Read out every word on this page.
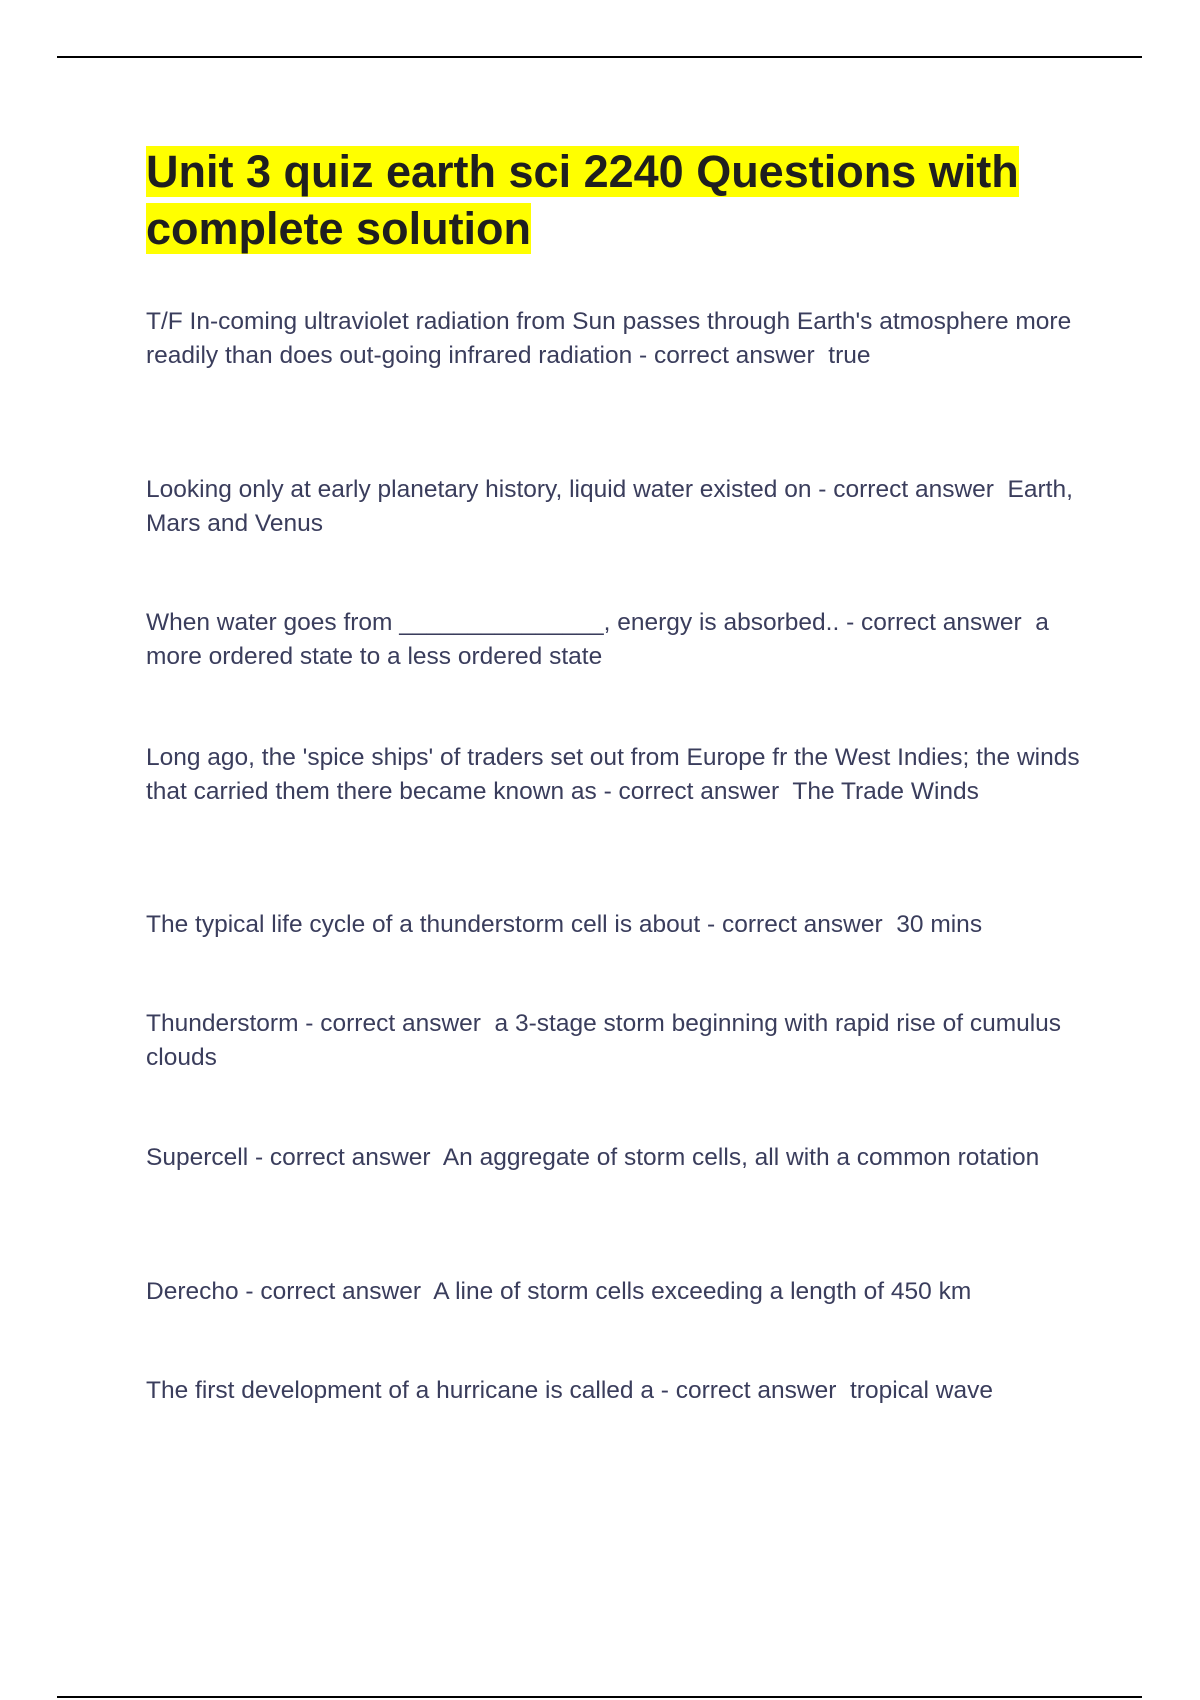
Unit 3 quiz earth sci 2240 Questions with complete solution

T/F In-coming ultraviolet radiation from Sun passes through Earth's atmosphere more readily than does out-going infrared radiation - correct answer  true

Looking only at early planetary history, liquid water existed on - correct answer  Earth, Mars and Venus

When water goes from _______________, energy is absorbed.. - correct answer  a more ordered state to a less ordered state

Long ago, the 'spice ships' of traders set out from Europe fr the West Indies; the winds that carried them there became known as - correct answer  The Trade Winds

The typical life cycle of a thunderstorm cell is about - correct answer  30 mins

Thunderstorm - correct answer  a 3-stage storm beginning with rapid rise of cumulus clouds

Supercell - correct answer  An aggregate of storm cells, all with a common rotation

Derecho - correct answer  A line of storm cells exceeding a length of 450 km

The first development of a hurricane is called a - correct answer  tropical wave
